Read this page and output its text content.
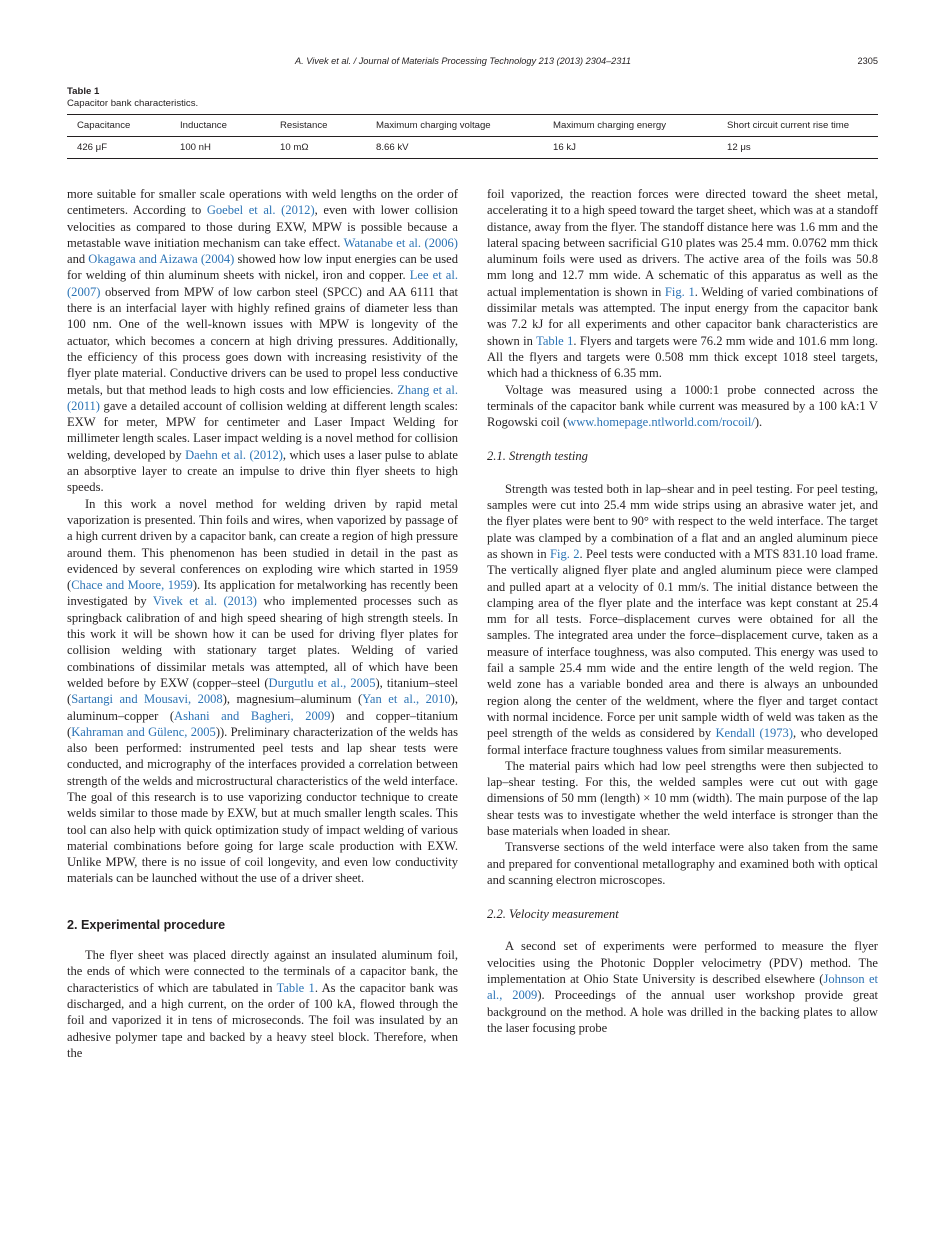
A. Vivek et al. / Journal of Materials Processing Technology 213 (2013) 2304–2311	2305
Table 1
Capacitor bank characteristics.
Capacitance	Inductance	Resistance	Maximum charging voltage	Maximum charging energy	Short circuit current rise time
426 μF	100 nH	10 mΩ	8.66 kV	16 kJ	12 μs

more suitable for smaller scale operations with weld lengths on the order of centimeters. According to Goebel et al. (2012), even with lower collision velocities as compared to those during EXW, MPW is possible because a metastable wave initiation mechanism can take effect. Watanabe et al. (2006) and Okagawa and Aizawa (2004) showed how low input energies can be used for welding of thin aluminum sheets with nickel, iron and copper. Lee et al. (2007) observed from MPW of low carbon steel (SPCC) and AA 6111 that there is an interfacial layer with highly refined grains of diameter less than 100 nm. One of the well-known issues with MPW is longevity of the actuator, which becomes a concern at high driving pressures. Additionally, the efficiency of this process goes down with increasing resistivity of the flyer plate material. Conductive drivers can be used to propel less conductive metals, but that method leads to high costs and low efficiencies. Zhang et al. (2011) gave a detailed account of collision welding at different length scales: EXW for meter, MPW for centimeter and Laser Impact Welding for millimeter length scales. Laser impact welding is a novel method for collision welding, developed by Daehn et al. (2012), which uses a laser pulse to ablate an absorptive layer to create an impulse to drive thin flyer sheets to high speeds.

In this work a novel method for welding driven by rapid metal vaporization is presented. Thin foils and wires, when vaporized by passage of a high current driven by a capacitor bank, can create a region of high pressure around them. This phenomenon has been studied in detail in the past as evidenced by several conferences on exploding wire which started in 1959 (Chace and Moore, 1959). Its application for metalworking has recently been investigated by Vivek et al. (2013) who implemented processes such as springback calibration of and high speed shearing of high strength steels. In this work it will be shown how it can be used for driving flyer plates for collision welding with stationary target plates. Welding of varied combinations of dissimilar metals was attempted, all of which have been welded before by EXW (copper–steel (Durgutlu et al., 2005), titanium–steel (Sartangi and Mousavi, 2008), magnesium–aluminum (Yan et al., 2010), aluminum–copper (Ashani and Bagheri, 2009) and copper–titanium (Kahraman and Gülenc, 2005)). Preliminary characterization of the welds has also been performed: instrumented peel tests and lap shear tests were conducted, and micrography of the interfaces provided a correlation between strength of the welds and microstructural characteristics of the weld interface. The goal of this research is to use vaporizing conductor technique to create welds similar to those made by EXW, but at much smaller length scales. This tool can also help with quick optimization study of impact welding of various material combinations before going for large scale production with EXW. Unlike MPW, there is no issue of coil longevity, and even low conductivity materials can be launched without the use of a driver sheet.

2. Experimental procedure

The flyer sheet was placed directly against an insulated aluminum foil, the ends of which were connected to the terminals of a capacitor bank, the characteristics of which are tabulated in Table 1. As the capacitor bank was discharged, and a high current, on the order of 100 kA, flowed through the foil and vaporized it in tens of microseconds. The foil was insulated by an adhesive polymer tape and backed by a heavy steel block. Therefore, when the

foil vaporized, the reaction forces were directed toward the sheet metal, accelerating it to a high speed toward the target sheet, which was at a standoff distance, away from the flyer. The standoff distance here was 1.6 mm and the lateral spacing between sacrificial G10 plates was 25.4 mm. 0.0762 mm thick aluminum foils were used as drivers. The active area of the foils was 50.8 mm long and 12.7 mm wide. A schematic of this apparatus as well as the actual implementation is shown in Fig. 1. Welding of varied combinations of dissimilar metals was attempted. The input energy from the capacitor bank was 7.2 kJ for all experiments and other capacitor bank characteristics are shown in Table 1. Flyers and targets were 76.2 mm wide and 101.6 mm long. All the flyers and targets were 0.508 mm thick except 1018 steel targets, which had a thickness of 6.35 mm.

Voltage was measured using a 1000:1 probe connected across the terminals of the capacitor bank while current was measured by a 100 kA:1 V Rogowski coil (www.homepage.ntlworld.com/rocoil/).

2.1. Strength testing

Strength was tested both in lap–shear and in peel testing. For peel testing, samples were cut into 25.4 mm wide strips using an abrasive water jet, and the flyer plates were bent to 90° with respect to the weld interface. The target plate was clamped by a combination of a flat and an angled aluminum piece as shown in Fig. 2. Peel tests were conducted with a MTS 831.10 load frame. The vertically aligned flyer plate and angled aluminum piece were clamped and pulled apart at a velocity of 0.1 mm/s. The initial distance between the clamping area of the flyer plate and the interface was kept constant at 25.4 mm for all tests. Force–displacement curves were obtained for all the samples. The integrated area under the force–displacement curve, taken as a measure of interface toughness, was also computed. This energy was used to fail a sample 25.4 mm wide and the entire length of the weld region. The weld zone has a variable bonded area and there is always an unbounded region along the center of the weldment, where the flyer and target contact with normal incidence. Force per unit sample width of weld was taken as the peel strength of the welds as considered by Kendall (1973), who developed formal interface fracture toughness values from similar measurements.

The material pairs which had low peel strengths were then subjected to lap–shear testing. For this, the welded samples were cut out with gage dimensions of 50 mm (length) × 10 mm (width). The main purpose of the lap shear tests was to investigate whether the weld interface is stronger than the base materials when loaded in shear.

Transverse sections of the weld interface were also taken from the same and prepared for conventional metallography and examined both with optical and scanning electron microscopes.

2.2. Velocity measurement

A second set of experiments were performed to measure the flyer velocities using the Photonic Doppler velocimetry (PDV) method. The implementation at Ohio State University is described elsewhere (Johnson et al., 2009). Proceedings of the annual user workshop provide great background on the method. A hole was drilled in the backing plates to allow the laser focusing probe
